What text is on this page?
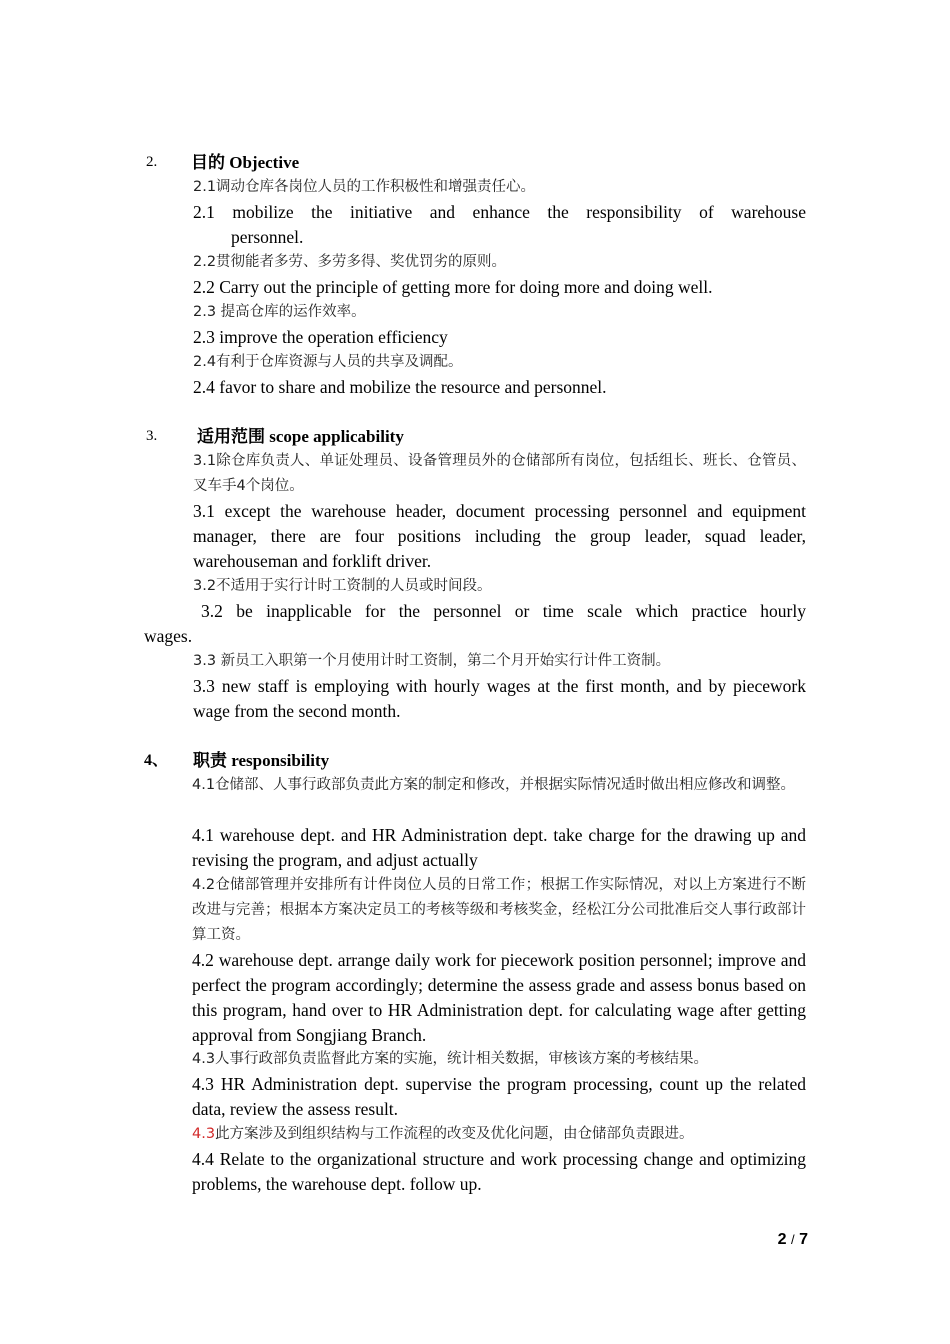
2. 目的 Objective
2.1调动仓库各岗位人员的工作积极性和增强责任心。
2.1 mobilize the initiative and enhance the responsibility of warehouse
personnel.
2.2贯彻能者多劳、多劳多得、奖优罚劣的原则。
2.2 Carry out the principle of getting more for doing more and doing well.
2.3 提高仓库的运作效率。
2.3 improve the operation efficiency
2.4有利于仓库资源与人员的共享及调配。
2.4 favor to share and mobilize the resource and personnel.
3. 适用范围 scope applicability
3.1除仓库负责人、单证处理员、设备管理员外的仓储部所有岗位，包括组长、班长、仓管员、叉车手4个岗位。
3.1 except the warehouse header, document processing personnel and equipment manager, there are four positions including the group leader, squad leader, warehouseman and forklift driver.
3.2不适用于实行计时工资制的人员或时间段。
3.2 be inapplicable for the personnel or time scale which practice hourly
wages.
3.3 新员工入职第一个月使用计时工资制，第二个月开始实行计件工资制。
3.3 new staff is employing with hourly wages at the first month, and by piecework wage from the second month.
4、 职责 responsibility
4.1仓储部、人事行政部负责此方案的制定和修改，并根据实际情况适时做出相应修改和调整。
4.1 warehouse dept. and HR Administration dept. take charge for the drawing up and revising the program, and adjust actually
4.2仓储部管理并安排所有计件岗位人员的日常工作；根据工作实际情况，对以上方案进行不断改进与完善；根据本方案决定员工的考核等级和考核奖金，经松江分公司批准后交人事行政部计算工资。
4.2 warehouse dept. arrange daily work for piecework position personnel; improve and perfect the program accordingly; determine the assess grade and assess bonus based on this program, hand over to HR Administration dept. for calculating wage after getting approval from Songjiang Branch.
4.3人事行政部负责监督此方案的实施，统计相关数据，审核该方案的考核结果。
4.3 HR Administration dept. supervise the program processing, count up the related data, review the assess result.
4.3此方案涉及到组织结构与工作流程的改变及优化问题，由仓储部负责跟进。
4.4 Relate to the organizational structure and work processing change and optimizing problems, the warehouse dept. follow up.
2 / 7
